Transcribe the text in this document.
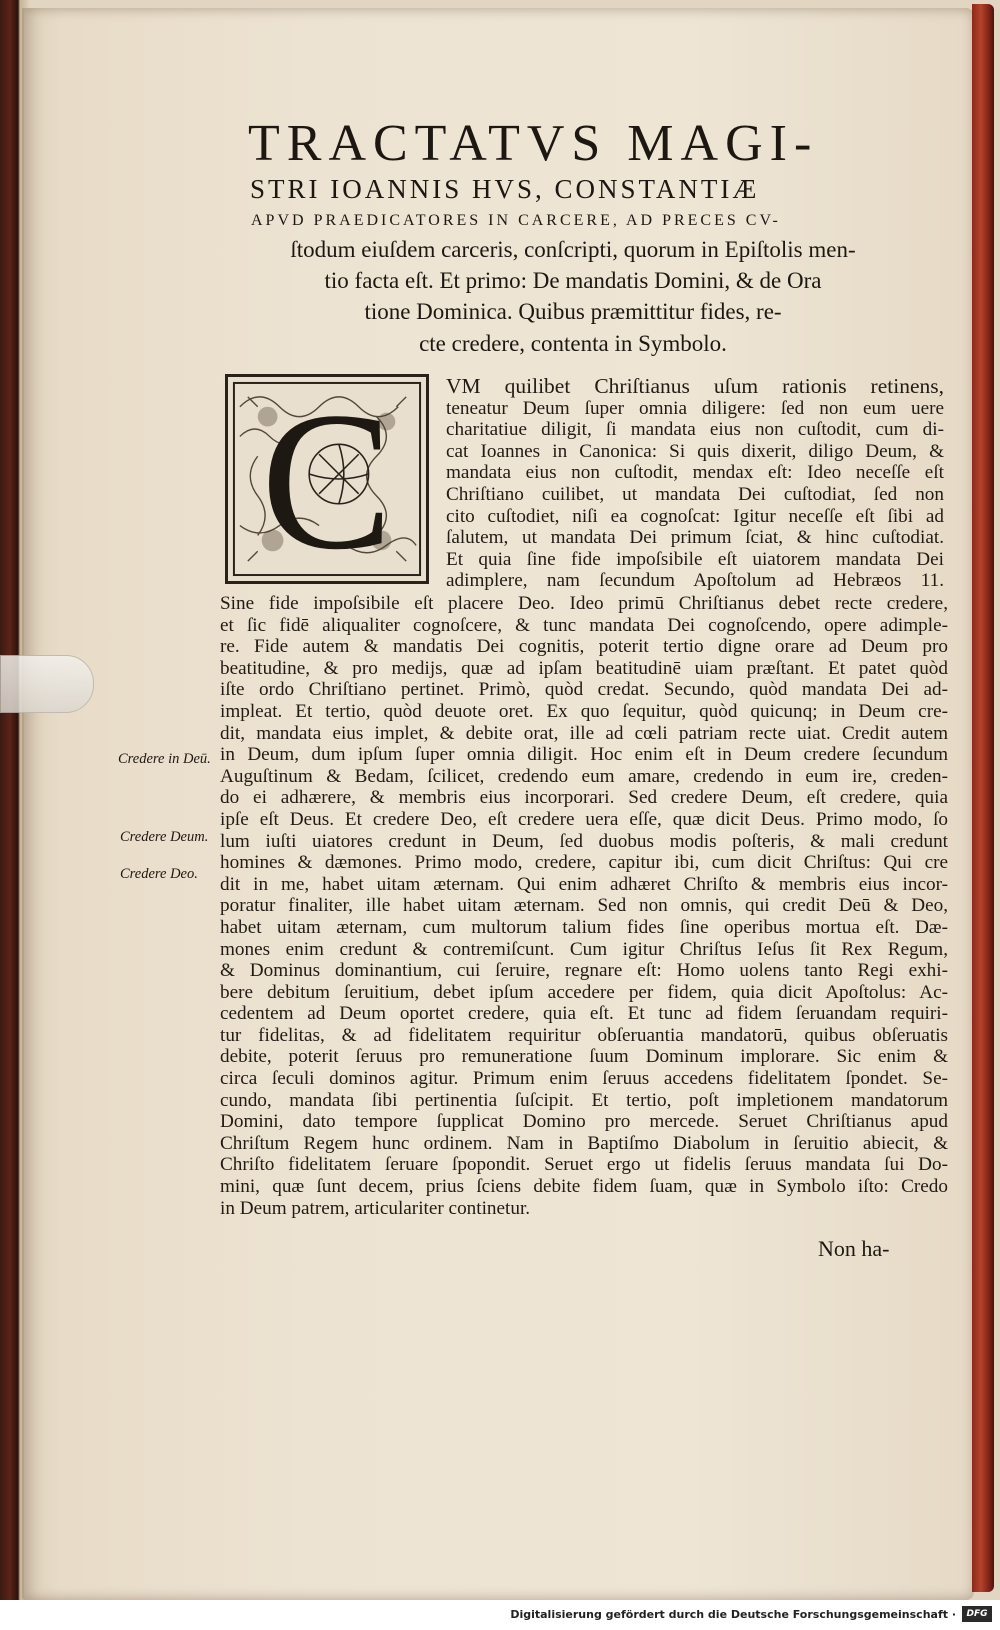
TRACTATVS MAGI-
STRI IOANNIS HVS, CONSTANTIÆ
APVD PRAEDICATORES IN CARCERE, AD PRECES CV-
ſtodum eiuſdem carceris, conſcripti, quorum in Epiſtolis men-
tio facta eſt. Et primo: De mandatis Domini, & de Ora
tione Dominica. Quibus præmittitur fides, re-
cte credere, contenta in Symbolo.
C VM quilibet Chriſtianus uſum rationis retinens,
teneatur Deum ſuper omnia diligere: ſed non eum uere
charitatiue diligit, ſi mandata eius non cuſtodit, cum di-
cat Ioannes in Canonica: Si quis dixerit, diligo Deum, &
mandata eius non cuſtodit, mendax eſt: Ideo neceſſe eſt
Chriſtiano cuilibet, ut mandata Dei cuſtodiat, ſed non
cito cuſtodiet, niſi ea cognoſcat: Igitur neceſſe eſt ſibi ad
ſalutem, ut mandata Dei primum ſciat, & hinc cuſtodiat.
Et quia ſine fide impoſsibile eſt uiatorem mandata Dei
adimplere, nam ſecundum Apoſtolum ad Hebræos 11.
Sine fide impoſsibile eſt placere Deo. Ideo primū Chriſtianus debet recte credere,
et ſic fidē aliqualiter cognoſcere, & tunc mandata Dei cognoſcendo, opere adimple-
re. Fide autem & mandatis Dei cognitis, poterit tertio digne orare ad Deum pro
beatitudine, & pro medijs, quæ ad ipſam beatitudinē uiam præſtant. Et patet quòd
iſte ordo Chriſtiano pertinet. Primò, quòd credat. Secundo, quòd mandata Dei ad-
impleat. Et tertio, quòd deuote oret. Ex quo ſequitur, quòd quicunq; in Deum cre-
dit, mandata eius implet, & debite orat, ille ad cœli patriam recte uiat. Credit autem
in Deum, dum ipſum ſuper omnia diligit. Hoc enim eſt in Deum credere ſecundum
Auguſtinum & Bedam, ſcilicet, credendo eum amare, credendo in eum ire, creden-
do ei adhærere, & membris eius incorporari. Sed credere Deum, eſt credere, quia
ipſe eſt Deus. Et credere Deo, eſt credere uera eſſe, quæ dicit Deus. Primo modo, ſo
lum iuſti uiatores credunt in Deum, ſed duobus modis poſteris, & mali credunt
homines & dæmones. Primo modo, credere, capitur ibi, cum dicit Chriſtus: Qui cre
dit in me, habet uitam æternam. Qui enim adhæret Chriſto & membris eius incor-
poratur finaliter, ille habet uitam æternam. Sed non omnis, qui credit Deū & Deo,
habet uitam æternam, cum multorum talium fides ſine operibus mortua eſt. Dæ-
mones enim credunt & contremiſcunt. Cum igitur Chriſtus Ieſus ſit Rex Regum,
& Dominus dominantium, cui ſeruire, regnare eſt: Homo uolens tanto Regi exhi-
bere debitum ſeruitium, debet ipſum accedere per fidem, quia dicit Apoſtolus: Ac-
cedentem ad Deum oportet credere, quia eſt. Et tunc ad fidem ſeruandam requiri-
tur fidelitas, & ad fidelitatem requiritur obſeruantia mandatorū, quibus obſeruatis
debite, poterit ſeruus pro remuneratione ſuum Dominum implorare. Sic enim &
circa ſeculi dominos agitur. Primum enim ſeruus accedens fidelitatem ſpondet. Se-
cundo, mandata ſibi pertinentia ſuſcipit. Et tertio, poſt impletionem mandatorum
Domini, dato tempore ſupplicat Domino pro mercede. Seruet Chriſtianus apud
Chriſtum Regem hunc ordinem. Nam in Baptiſmo Diabolum in ſeruitio abiecit, &
Chriſto fidelitatem ſeruare ſpopondit. Seruet ergo ut fidelis ſeruus mandata ſui Do-
mini, quæ ſunt decem, prius ſciens debite fidem ſuam, quæ in Symbolo iſto: Credo
in Deum patrem, articulariter continetur.
Credere in Deū.
Credere Deum.
Credere Deo.
Non ha-
Digitalisierung gefördert durch die Deutsche Forschungsgemeinschaft ·	DFG
